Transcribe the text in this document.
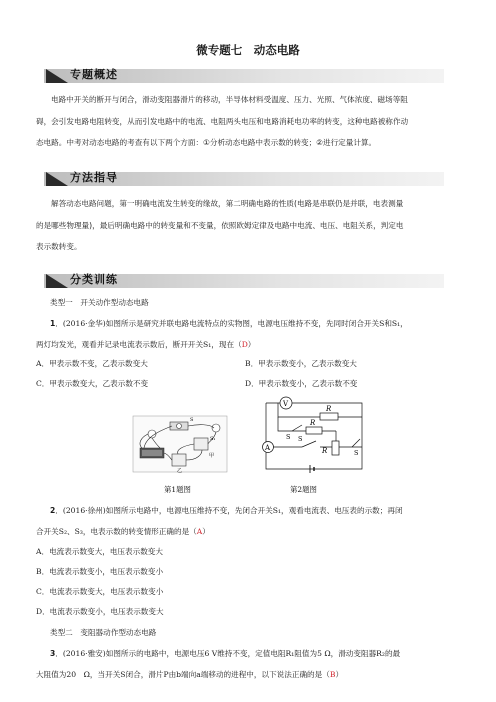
微专题七　动态电路
专题概述
电路中开关的断开与闭合，滑动变阻器滑片的移动，半导体材料受温度、压力、光照、气体浓度、磁场等阻
碍，会引发电路电阻转变，从而引发电路中的电流、电阻两头电压和电路消耗电功率的转变，这种电路被称作动
态电路。中考对动态电路的考查有以下两个方面：①分析动态电路中表示数的转变；②进行定量计算。
方法指导
解答动态电路问题，第一明确电流发生转变的缘故，第二明确电路的性质(电路是串联仍是并联，电表测量
的是哪些物理量)，最后明确电路中的转变量和不变量，依照欧姆定律及电路中电流、电压、电阻关系，判定电
表示数转变。
分类训练
类型一　开关动作型动态电路
1．(2016·金华)如图所示是研究并联电路电流特点的实物图，电源电压维持不变，先同时闭合开关S和S₁，
两灯均发光，观看并记录电流表示数后，断开开关S₁，现在（D）
A．甲表示数不变，乙表示数变大	B．甲表示数变小，乙表示数变大
C．甲表示数变大，乙表示数不变	D．甲表示数变小，乙表示数不变
S
S₁
甲
乙
V
R
R
R
A
S
S
S
第1题图	第2题图
2．(2016·徐州)如图所示电路中，电源电压维持不变，先闭合开关S₁，观看电流表、电压表的示数；再闭
合开关S₂、S₃，电表示数的转变情形正确的是（A）
A．电流表示数变大，电压表示数变大
B．电流表示数变小，电压表示数变小
C．电流表示数变大，电压表示数变小
D．电流表示数变小，电压表示数变大
类型二　变阻器动作型动态电路
3．(2016·雅安)如图所示的电路中，电源电压6 V维持不变，定值电阻R₁阻值为5 Ω，滑动变阻器R₂的最
大阻值为20　Ω，当开关S闭合，滑片P由b端向a端移动的进程中，以下说法正确的是（B）
